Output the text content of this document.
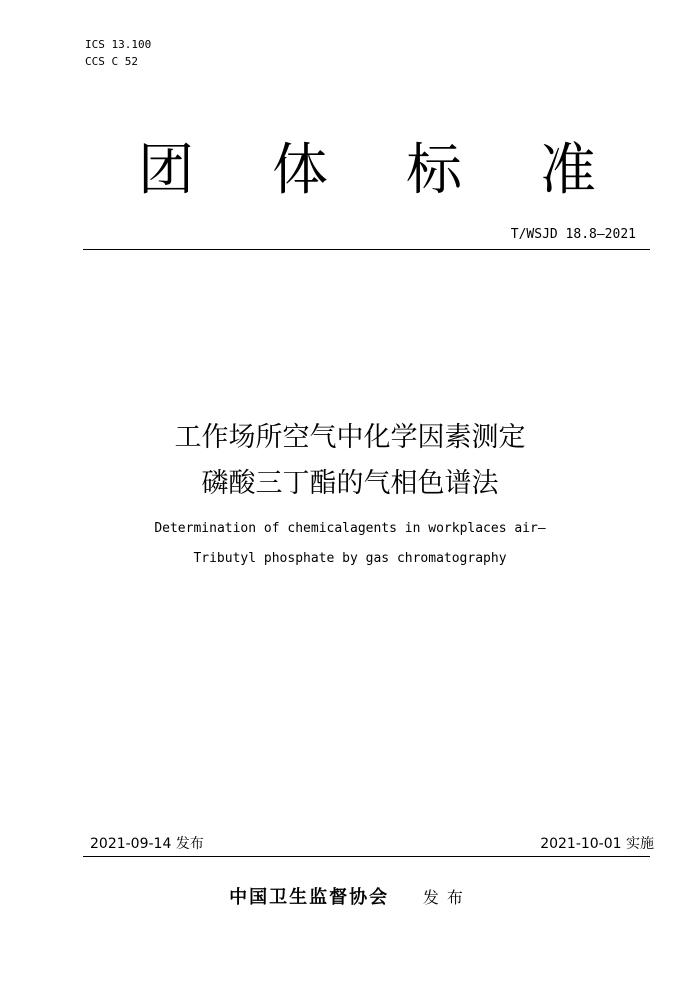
ICS 13.100
CCS C 52
团 体 标 准
T/WSJD 18.8—2021
工作场所空气中化学因素测定
磷酸三丁酯的气相色谱法
Determination of chemicalagents in workplaces air—
Tributyl phosphate by gas chromatography
2021-09-14 发布	2021-10-01 实施
中国卫生监督协会 发布
